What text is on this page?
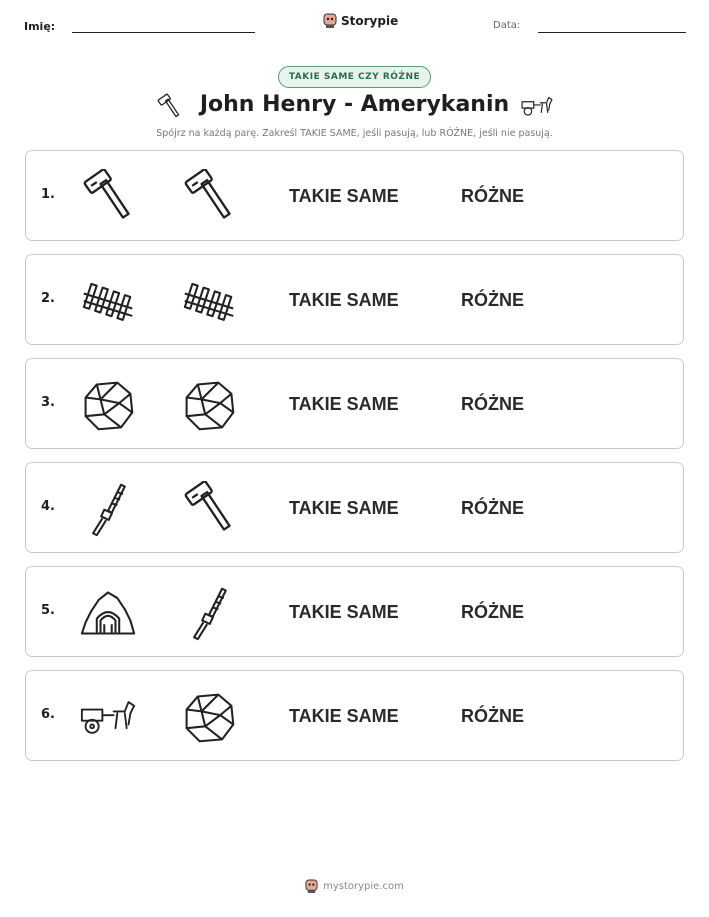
Imię:	Storypie	Data:
TAKIE SAME CZY RÓŻNE
John Henry - Amerykanin
Spójrz na każdą parę. Zakreśl TAKIE SAME, jeśli pasują, lub RÓŻNE, jeśli nie pasują.
1.	TAKIE SAME	RÓŻNE
2.	TAKIE SAME	RÓŻNE
3.	TAKIE SAME	RÓŻNE
4.	TAKIE SAME	RÓŻNE
5.	TAKIE SAME	RÓŻNE
6.	TAKIE SAME	RÓŻNE
mystorypie.com
